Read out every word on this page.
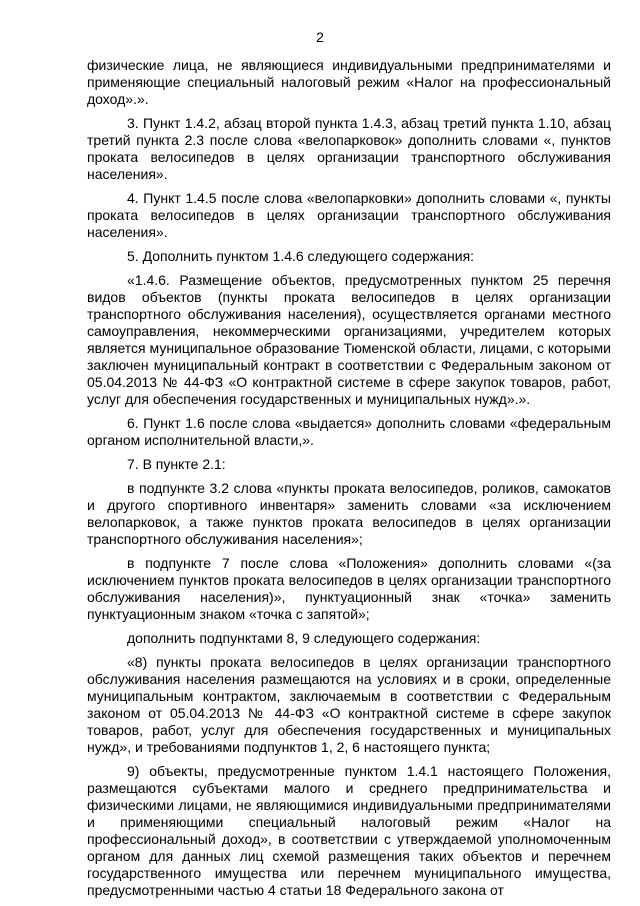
2

физические лица, не являющиеся индивидуальными предпринимателями и применяющие специальный налоговый режим «Налог на профессиональный доход».».

3. Пункт 1.4.2, абзац второй пункта 1.4.3, абзац третий пункта 1.10, абзац третий пункта 2.3 после слова «велопарковок» дополнить словами «, пунктов проката велосипедов в целях организации транспортного обслуживания населения».

4. Пункт 1.4.5 после слова «велопарковки» дополнить словами «, пункты проката велосипедов в целях организации транспортного обслуживания населения».

5. Дополнить пунктом 1.4.6 следующего содержания:

«1.4.6. Размещение объектов, предусмотренных пунктом 25 перечня видов объектов (пункты проката велосипедов в целях организации транспортного обслуживания населения), осуществляется органами местного самоуправления, некоммерческими организациями, учредителем которых является муниципальное образование Тюменской области, лицами, с которыми заключен муниципальный контракт в соответствии с Федеральным законом от 05.04.2013 № 44-ФЗ «О контрактной системе в сфере закупок товаров, работ, услуг для обеспечения государственных и муниципальных нужд».».

6. Пункт 1.6 после слова «выдается» дополнить словами «федеральным органом исполнительной власти,».

7. В пункте 2.1:

в подпункте 3.2 слова «пункты проката велосипедов, роликов, самокатов и другого спортивного инвентаря» заменить словами «за исключением велопарковок, а также пунктов проката велосипедов в целях организации транспортного обслуживания населения»;

в подпункте 7 после слова «Положения» дополнить словами «(за исключением пунктов проката велосипедов в целях организации транспортного обслуживания населения)», пунктуационный знак «точка» заменить пунктуационным знаком «точка с запятой»;

дополнить подпунктами 8, 9 следующего содержания:

«8) пункты проката велосипедов в целях организации транспортного обслуживания населения размещаются на условиях и в сроки, определенные муниципальным контрактом, заключаемым в соответствии с Федеральным законом от 05.04.2013 № 44-ФЗ «О контрактной системе в сфере закупок товаров, работ, услуг для обеспечения государственных и муниципальных нужд», и требованиями подпунктов 1, 2, 6 настоящего пункта;

9) объекты, предусмотренные пунктом 1.4.1 настоящего Положения, размещаются субъектами малого и среднего предпринимательства и физическими лицами, не являющимися индивидуальными предпринимателями и применяющими специальный налоговый режим «Налог на профессиональный доход», в соответствии с утверждаемой уполномоченным органом для данных лиц схемой размещения таких объектов и перечнем государственного имущества или перечнем муниципального имущества, предусмотренными частью 4 статьи 18 Федерального закона от
